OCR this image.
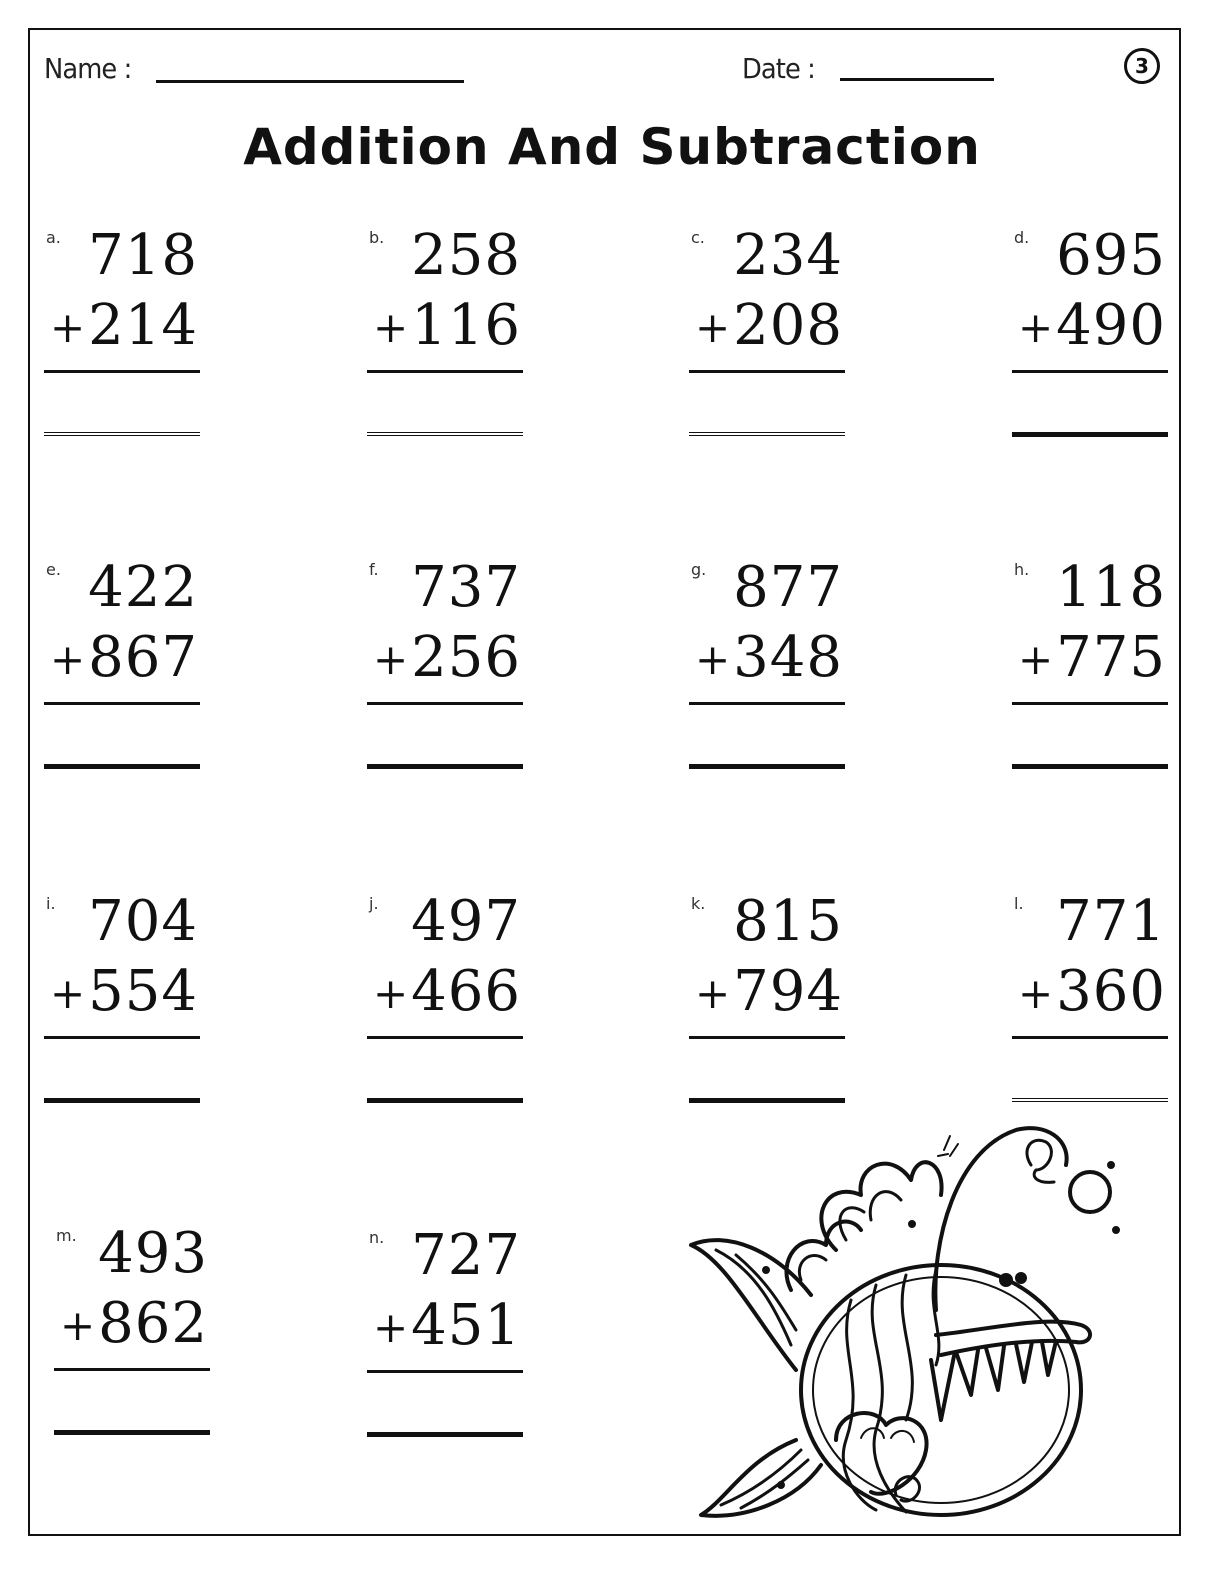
Name :	Date :	3
Addition And Subtraction
a. 718
+ 214
b. 258
+ 116
c. 234
+ 208
d. 695
+ 490
e. 422
+ 867
f. 737
+ 256
g. 877
+ 348
h. 118
+ 775
i. 704
+ 554
j. 497
+ 466
k. 815
+ 794
l. 771
+ 360
m. 493
+ 862
n. 727
+ 451
